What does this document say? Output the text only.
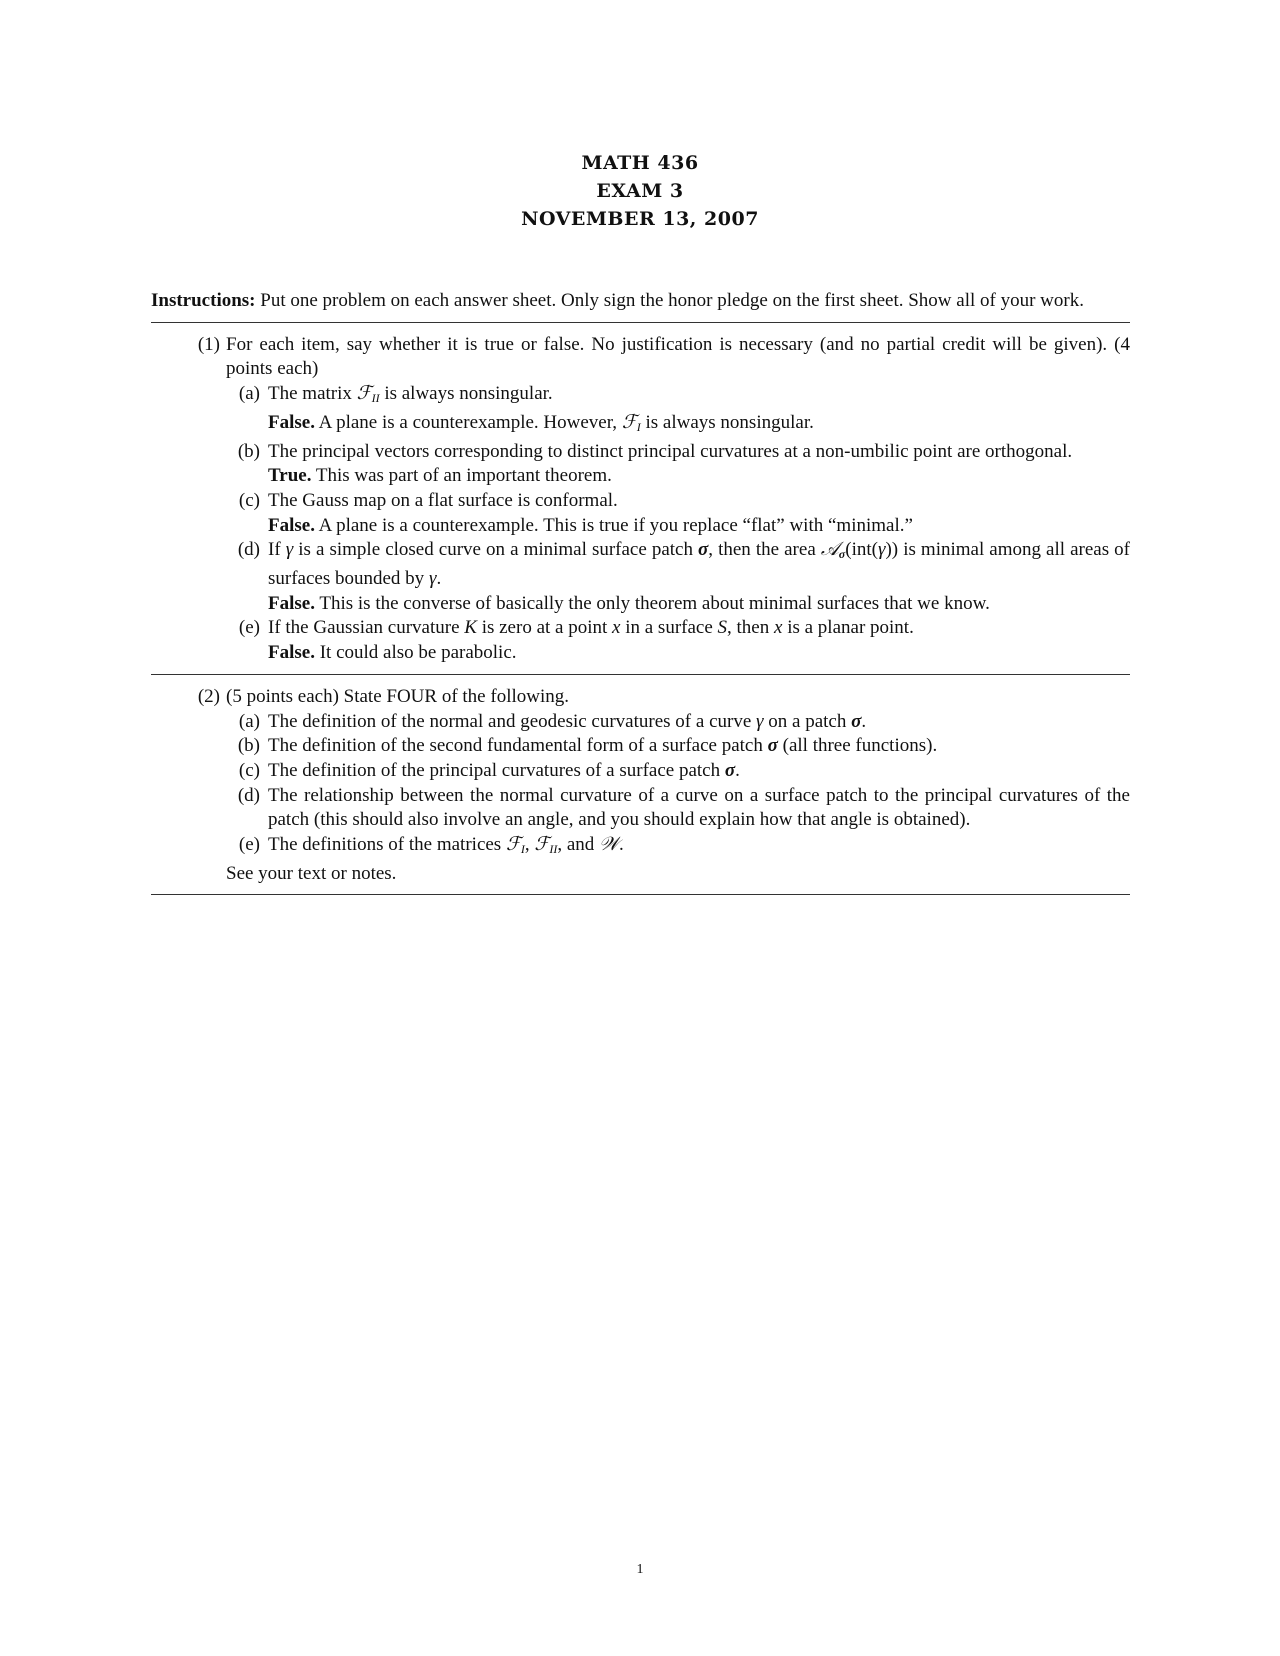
MATH 436
EXAM 3
NOVEMBER 13, 2007
Instructions: Put one problem on each answer sheet. Only sign the honor pledge on the first sheet. Show all of your work.
(1) For each item, say whether it is true or false. No justification is necessary (and no partial credit will be given). (4 points each)
(a) The matrix ℱ$_{II}$ is always nonsingular.
False. A plane is a counterexample. However, ℱ$_I$ is always nonsingular.
(b) The principal vectors corresponding to distinct principal curvatures at a non-umbilic point are orthogonal.
True. This was part of an important theorem.
(c) The Gauss map on a flat surface is conformal.
False. A plane is a counterexample. This is true if you replace “flat” with “minimal.”
(d) If γ is a simple closed curve on a minimal surface patch σ, then the area 𝒜$_\sigma$(int(γ)) is minimal among all areas of surfaces bounded by γ.
False. This is the converse of basically the only theorem about minimal surfaces that we know.
(e) If the Gaussian curvature K is zero at a point x in a surface S, then x is a planar point.
False. It could also be parabolic.
(2) (5 points each) State FOUR of the following.
(a) The definition of the normal and geodesic curvatures of a curve γ on a patch σ.
(b) The definition of the second fundamental form of a surface patch σ (all three functions).
(c) The definition of the principal curvatures of a surface patch σ.
(d) The relationship between the normal curvature of a curve on a surface patch to the principal curvatures of the patch (this should also involve an angle, and you should explain how that angle is obtained).
(e) The definitions of the matrices ℱ$_I$, ℱ$_{II}$, and 𝒲.
See your text or notes.
1
